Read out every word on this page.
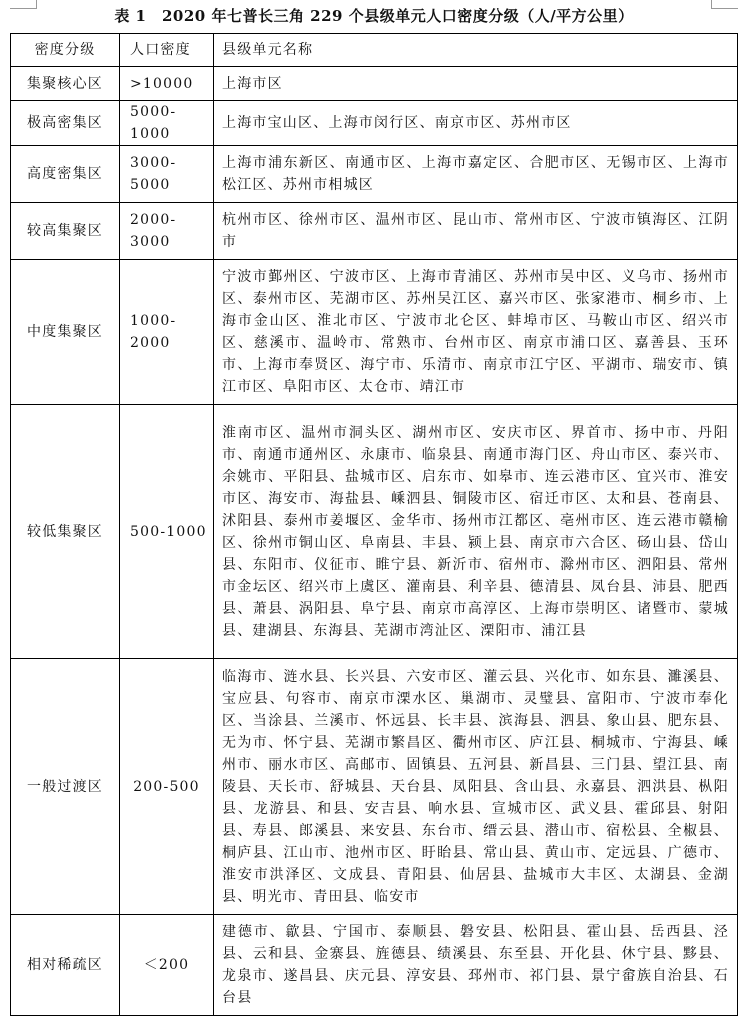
表 1　2020 年七普长三角 229 个县级单元人口密度分级（人/平方公里）
密度分级	人口密度	县级单元名称
集聚核心区	>10000	上海市区
极高密集区	5000-1000	上海市宝山区、上海市闵行区、南京市区、苏州市区
高度密集区	3000-5000	上海市浦东新区、南通市区、上海市嘉定区、合肥市区、无锡市区、上海市松江区、苏州市相城区
较高集聚区	2000-3000	杭州市区、徐州市区、温州市区、昆山市、常州市区、宁波市镇海区、江阴市
中度集聚区	1000-2000	宁波市鄞州区、宁波市区、上海市青浦区、苏州市吴中区、义乌市、扬州市区、泰州市区、芜湖市区、苏州吴江区、嘉兴市区、张家港市、桐乡市、上海市金山区、淮北市区、宁波市北仑区、蚌埠市区、马鞍山市区、绍兴市区、慈溪市、温岭市、常熟市、台州市区、南京市浦口区、嘉善县、玉环市、上海市奉贤区、海宁市、乐清市、南京市江宁区、平湖市、瑞安市、镇江市区、阜阳市区、太仓市、靖江市
较低集聚区	500-1000	淮南市区、温州市洞头区、湖州市区、安庆市区、界首市、扬中市、丹阳市、南通市通州区、永康市、临泉县、南通市海门区、舟山市区、泰兴市、余姚市、平阳县、盐城市区、启东市、如皋市、连云港市区、宜兴市、淮安市区、海安市、海盐县、嵊泗县、铜陵市区、宿迁市区、太和县、苍南县、沭阳县、泰州市姜堰区、金华市、扬州市江都区、亳州市区、连云港市赣榆区、徐州市铜山区、阜南县、丰县、颍上县、南京市六合区、砀山县、岱山县、东阳市、仪征市、睢宁县、新沂市、宿州市、滁州市区、泗阳县、常州市金坛区、绍兴市上虞区、灌南县、利辛县、德清县、凤台县、沛县、肥西县、萧县、涡阳县、阜宁县、南京市高淳区、上海市崇明区、诸暨市、蒙城县、建湖县、东海县、芜湖市湾沚区、溧阳市、浦江县
一般过渡区	200-500	临海市、涟水县、长兴县、六安市区、灌云县、兴化市、如东县、濉溪县、宝应县、句容市、南京市溧水区、巢湖市、灵璧县、富阳市、宁波市奉化区、当涂县、兰溪市、怀远县、长丰县、滨海县、泗县、象山县、肥东县、无为市、怀宁县、芜湖市繁昌区、衢州市区、庐江县、桐城市、宁海县、嵊州市、丽水市区、高邮市、固镇县、五河县、新昌县、三门县、望江县、南陵县、天长市、舒城县、天台县、凤阳县、含山县、永嘉县、泗洪县、枞阳县、龙游县、和县、安吉县、响水县、宣城市区、武义县、霍邱县、射阳县、寿县、郎溪县、来安县、东台市、缙云县、潜山市、宿松县、全椒县、桐庐县、江山市、池州市区、盱眙县、常山县、黄山市、定远县、广德市、淮安市洪泽区、文成县、青阳县、仙居县、盐城市大丰区、太湖县、金湖县、明光市、青田县、临安市
相对稀疏区	＜200	建德市、歙县、宁国市、泰顺县、磐安县、松阳县、霍山县、岳西县、泾县、云和县、金寨县、旌德县、绩溪县、东至县、开化县、休宁县、黟县、龙泉市、遂昌县、庆元县、淳安县、邳州市、祁门县、景宁畲族自治县、石台县
